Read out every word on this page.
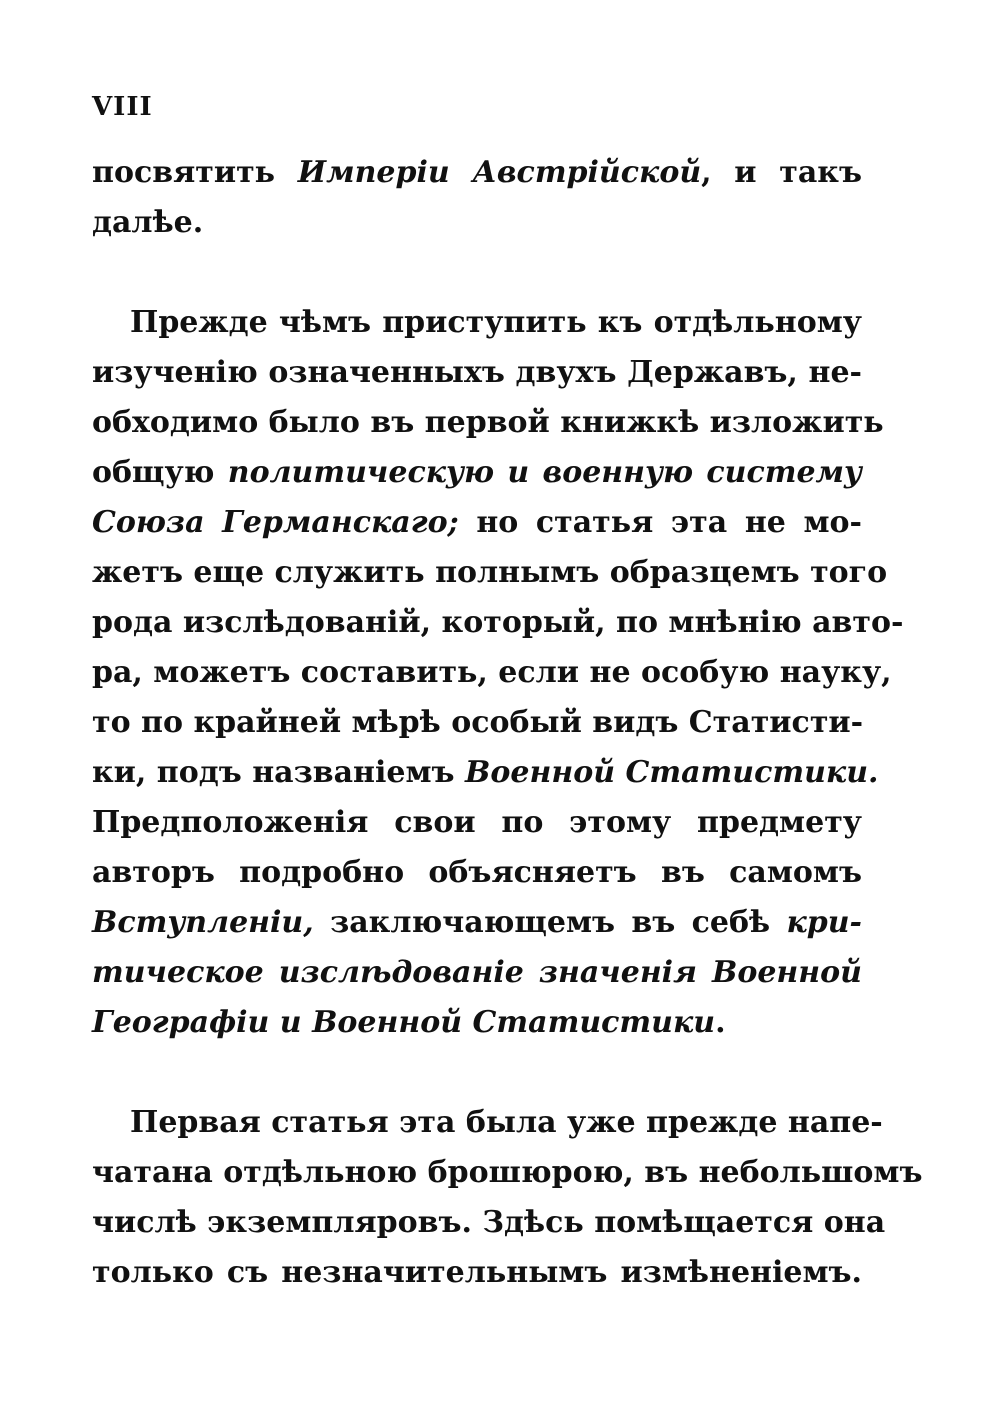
VIII

посвятить Имперіи Австрійской, и такъ
далѣе.
Прежде чѣмъ приступить къ отдѣльному
изученію означенныхъ двухъ Державъ, не-
обходимо было въ первой книжкѣ изложить
общую политическую и военную систему
Союза Германскаго; но статья эта не мо-
жетъ еще служить полнымъ образцемъ того
рода изслѣдованій, который, по мнѣнію авто-
ра, можетъ составить, если не особую науку,
то по крайней мѣрѣ особый видъ Статисти-
ки, подъ названіемъ Военной Статистики.
Предположенія свои по этому предмету
авторъ подробно объясняетъ въ самомъ
Вступленіи, заключающемъ въ себѣ кри-
тическое изслѣдованіе значенія Военной
Географіи и Военной Статистики.
Первая статья эта была уже прежде напе-
чатана отдѣльною брошюрою, въ небольшомъ
числѣ экземпляровъ. Здѣсь помѣщается она
только съ незначительнымъ измѣненіемъ.
